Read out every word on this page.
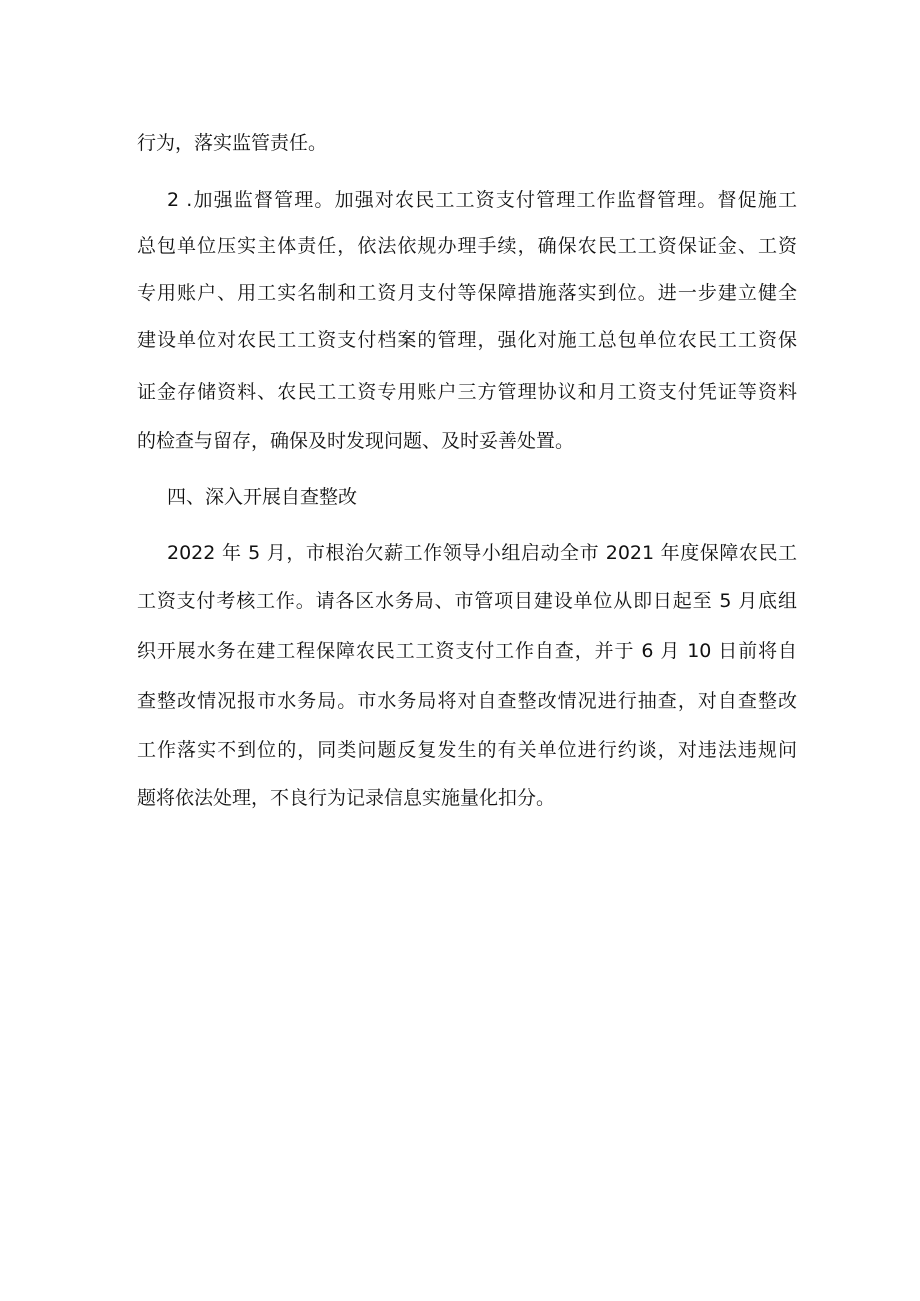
行为，落实监管责任。
2 .加强监督管理。加强对农民工工资支付管理工作监督管理。督促施工
总包单位压实主体责任，依法依规办理手续，确保农民工工资保证金、工资
专用账户、用工实名制和工资月支付等保障措施落实到位。进一步建立健全
建设单位对农民工工资支付档案的管理，强化对施工总包单位农民工工资保
证金存储资料、农民工工资专用账户三方管理协议和月工资支付凭证等资料
的检查与留存，确保及时发现问题、及时妥善处置。
四、深入开展自查整改
2022 年 5 月，市根治欠薪工作领导小组启动全市 2021 年度保障农民工
工资支付考核工作。请各区水务局、市管项目建设单位从即日起至 5 月底组
织开展水务在建工程保障农民工工资支付工作自查，并于 6 月 10 日前将自
查整改情况报市水务局。市水务局将对自查整改情况进行抽查，对自查整改
工作落实不到位的，同类问题反复发生的有关单位进行约谈，对违法违规问
题将依法处理，不良行为记录信息实施量化扣分。
